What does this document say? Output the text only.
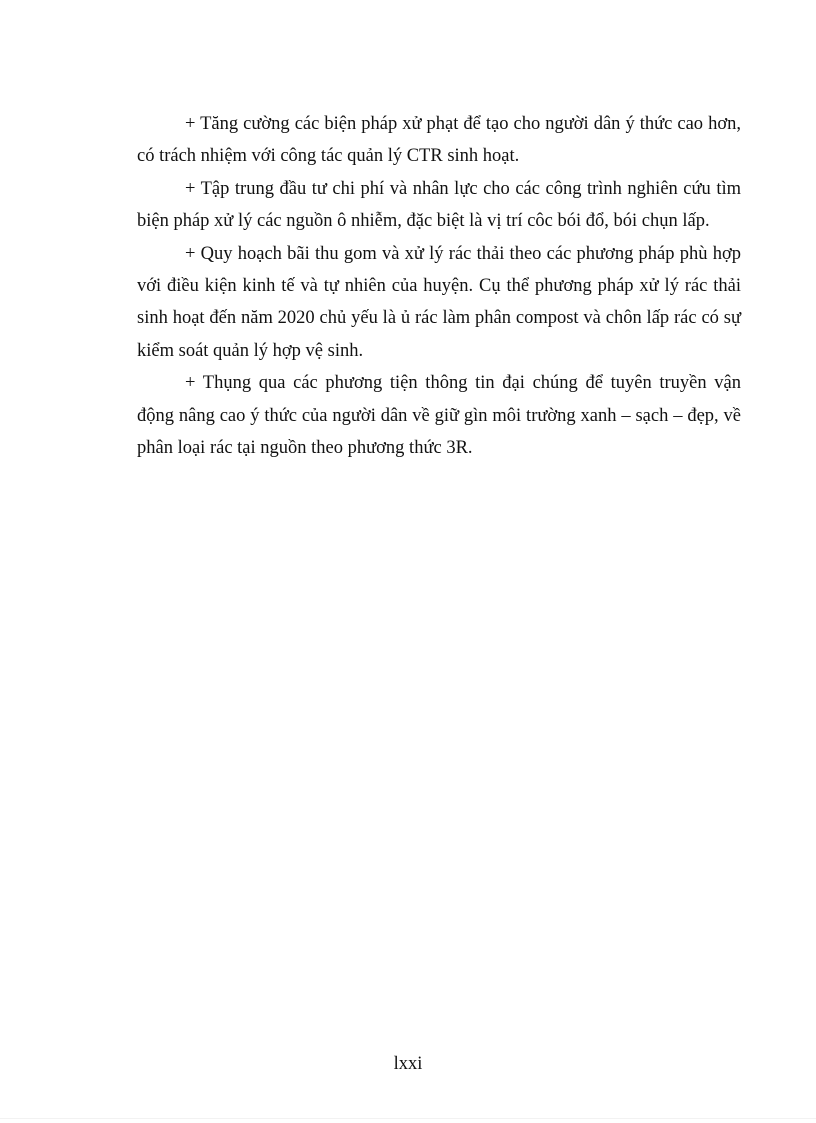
+ Tăng cường các biện pháp xử phạt để tạo cho người dân ý thức cao hơn, có trách nhiệm với công tác quản lý CTR sinh hoạt.

+ Tập trung đầu tư chi phí và nhân lực cho các công trình nghiên cứu tìm biện pháp xử lý các nguồn ô nhiễm, đặc biệt là vị trí côc bói đổ, bói chụn lấp.

+ Quy hoạch bãi thu gom và xử lý rác thải theo các phương pháp phù hợp với điều kiện kinh tế và tự nhiên của huyện. Cụ thể phương pháp xử lý rác thải sinh hoạt đến năm 2020 chủ yếu là ủ rác làm phân compost và chôn lấp rác có sự kiểm soát quản lý hợp vệ sinh.

+ Thụng qua các phương tiện thông tin đại chúng để tuyên truyền vận động nâng cao ý thức của người dân về giữ gìn môi trường xanh – sạch – đẹp, về phân loại rác tại nguồn theo phương thức 3R.

lxxi
